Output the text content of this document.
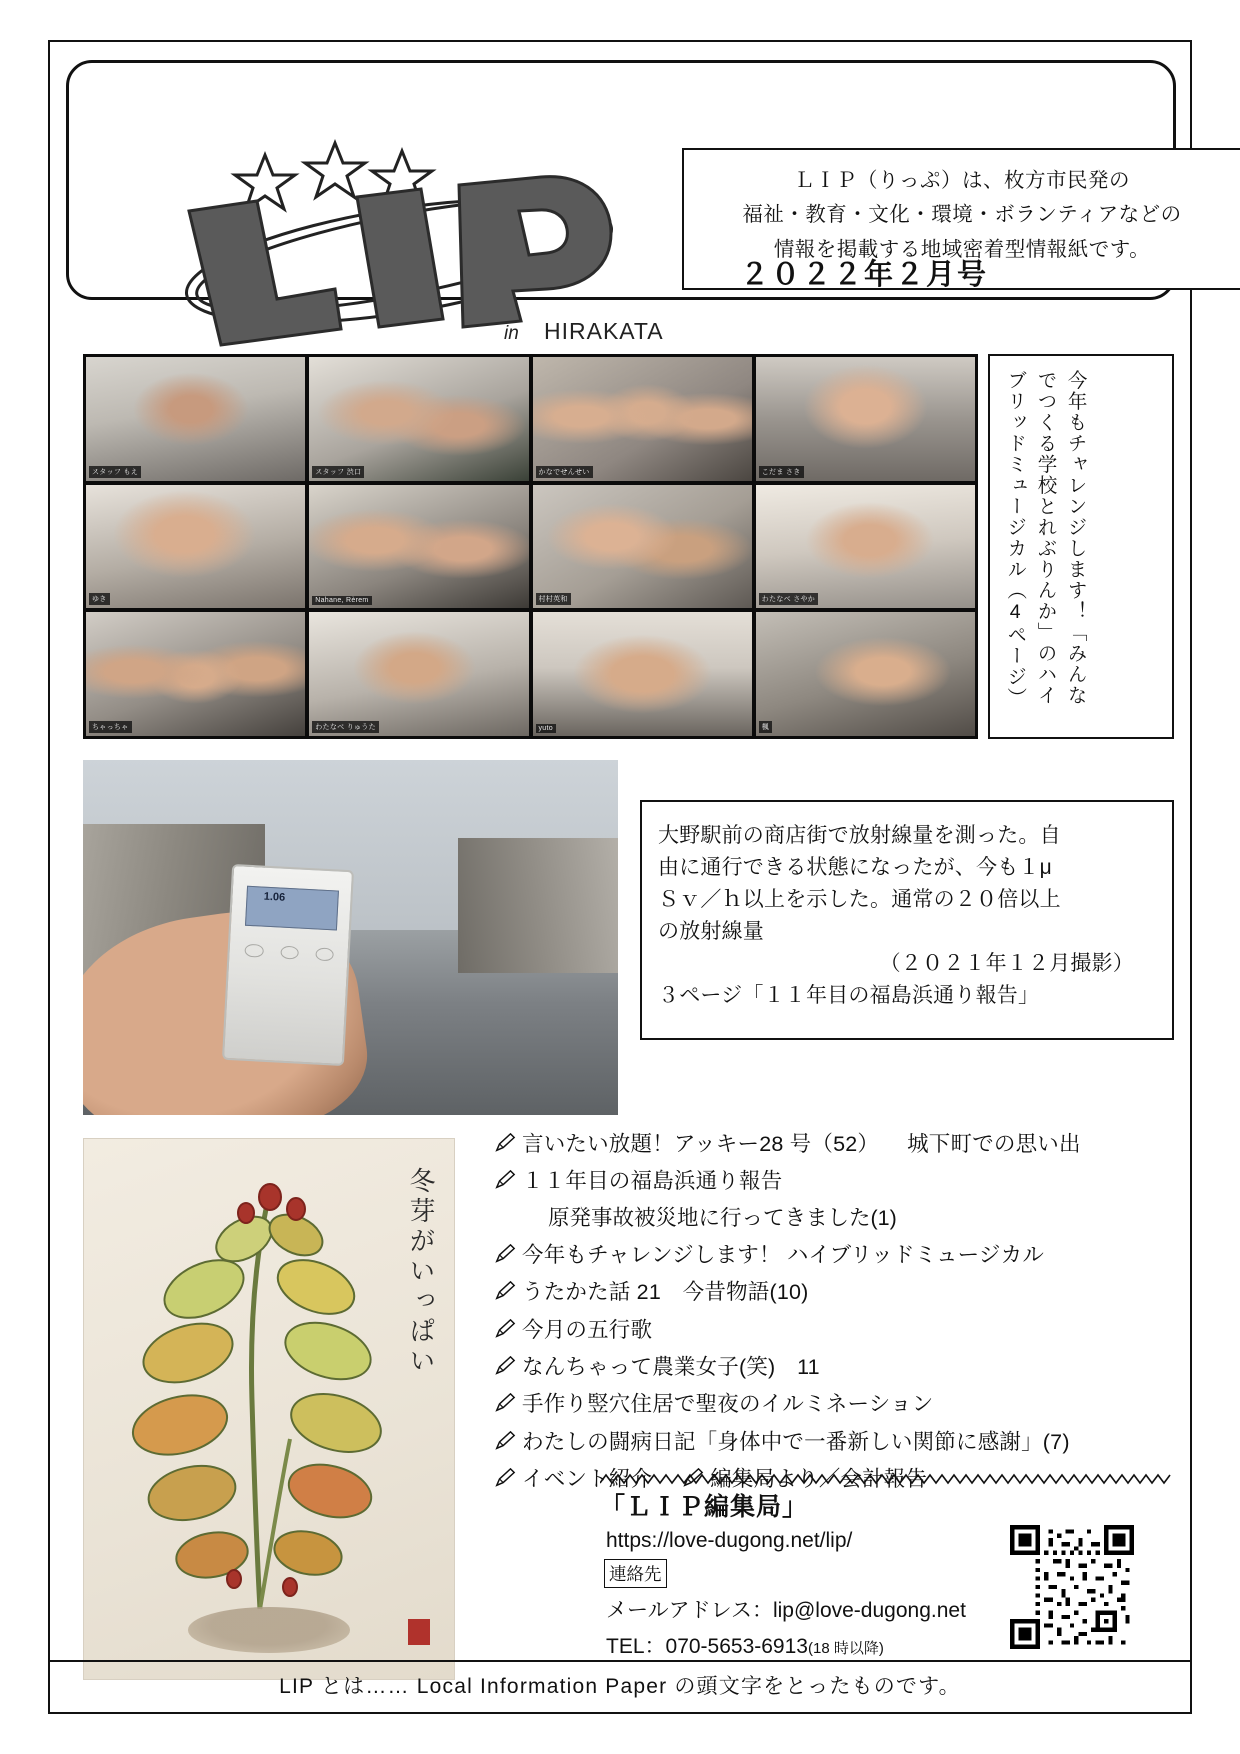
in HIRAKATA
ＬＩＰ（りっぷ）は、枚方市民発の
福祉・教育・文化・環境・ボランティアなどの
情報を掲載する地域密着型情報紙です。
２０２２年２月号
スタッフ もえ	スタッフ 渋口	かなでせんせい	こだま さき
ゆき	Nahane, Rèrem	村村英和	わたなべ さやか
ちゃっちゃ	わたなべ りゅうた	yuto	楓
今年もチャレンジします！「みんなでつくる学校とれぶりんか」のハイブリッドミュージカル（4ページ）
1.06

大野駅前の商店街で放射線量を測った。自

由に通行できる状態になったが、今も１μ

Ｓｖ／ｈ以上を示した。通常の２０倍以上

の放射線量

（２０２１年１２月撮影）

３ページ「１１年目の福島浜通り報告」

冬芽がいっぱい
言いたい放題！アッキー28 号（52） 城下町での思い出
１１年目の福島浜通り報告
原発事故被災地に行ってきました(1)
今年もチャレンジします！ ハイブリッドミュージカル
うたかた話 21　今昔物語(10)
今月の五行歌
なんちゃって農業女子(笑)　11
手作り竪穴住居で聖夜のイルミネーション
わたしの闘病日記「身体中で一番新しい関節に感謝」(7)
イベント紹介	編集局より／会計報告

「ＬＩＰ編集局」

https://love-dugong.net/lip/

連絡先

メールアドレス：lip@love-dugong.net

TEL：070-5653-6913(18 時以降)

LIP とは…… Local Information Paper の頭文字をとったものです。
